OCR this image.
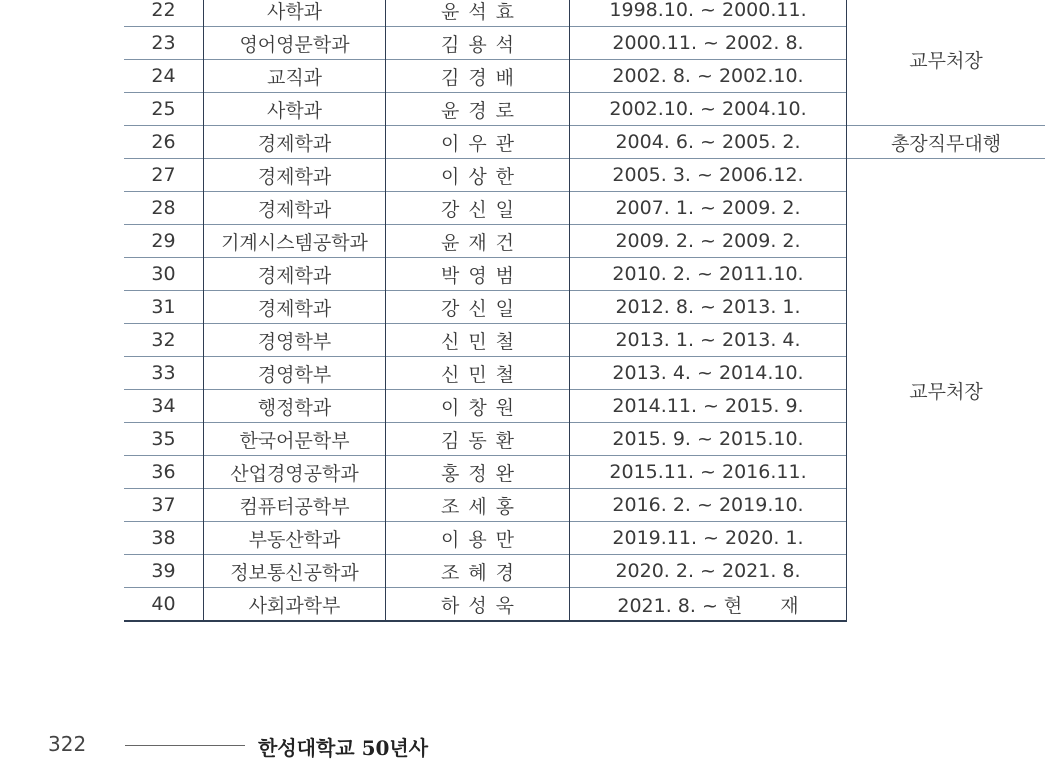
22	사학과	윤석효	1998.10. ~ 2000.11.	교무처장
23	영어영문학과	김용석	2000.11. ~ 2002. 8.	
24	교직과	김경배	2002. 8. ~ 2002.10.	
25	사학과	윤경로	2002.10. ~ 2004.10.	
26	경제학과	이우관	2004. 6. ~ 2005. 2.	총장직무대행
27	경제학과	이상한	2005. 3. ~ 2006.12.	교무처장
28	경제학과	강신일	2007. 1. ~ 2009. 2.	
29	기계시스템공학과	윤재건	2009. 2. ~ 2009. 2.	
30	경제학과	박영범	2010. 2. ~ 2011.10.	
31	경제학과	강신일	2012. 8. ~ 2013. 1.	
32	경영학부	신민철	2013. 1. ~ 2013. 4.	
33	경영학부	신민철	2013. 4. ~ 2014.10.	
34	행정학과	이창원	2014.11. ~ 2015. 9.	
35	한국어문학부	김동환	2015. 9. ~ 2015.10.	
36	산업경영공학과	홍정완	2015.11. ~ 2016.11.	
37	컴퓨터공학부	조세홍	2016. 2. ~ 2019.10.	
38	부동산학과	이용만	2019.11. ~ 2020. 1.	
39	정보통신공학과	조혜경	2020. 2. ~ 2021. 8.	
40	사회과학부	하성욱	2021. 8. ~ 현　　재	
322	한성대학교 50년사
